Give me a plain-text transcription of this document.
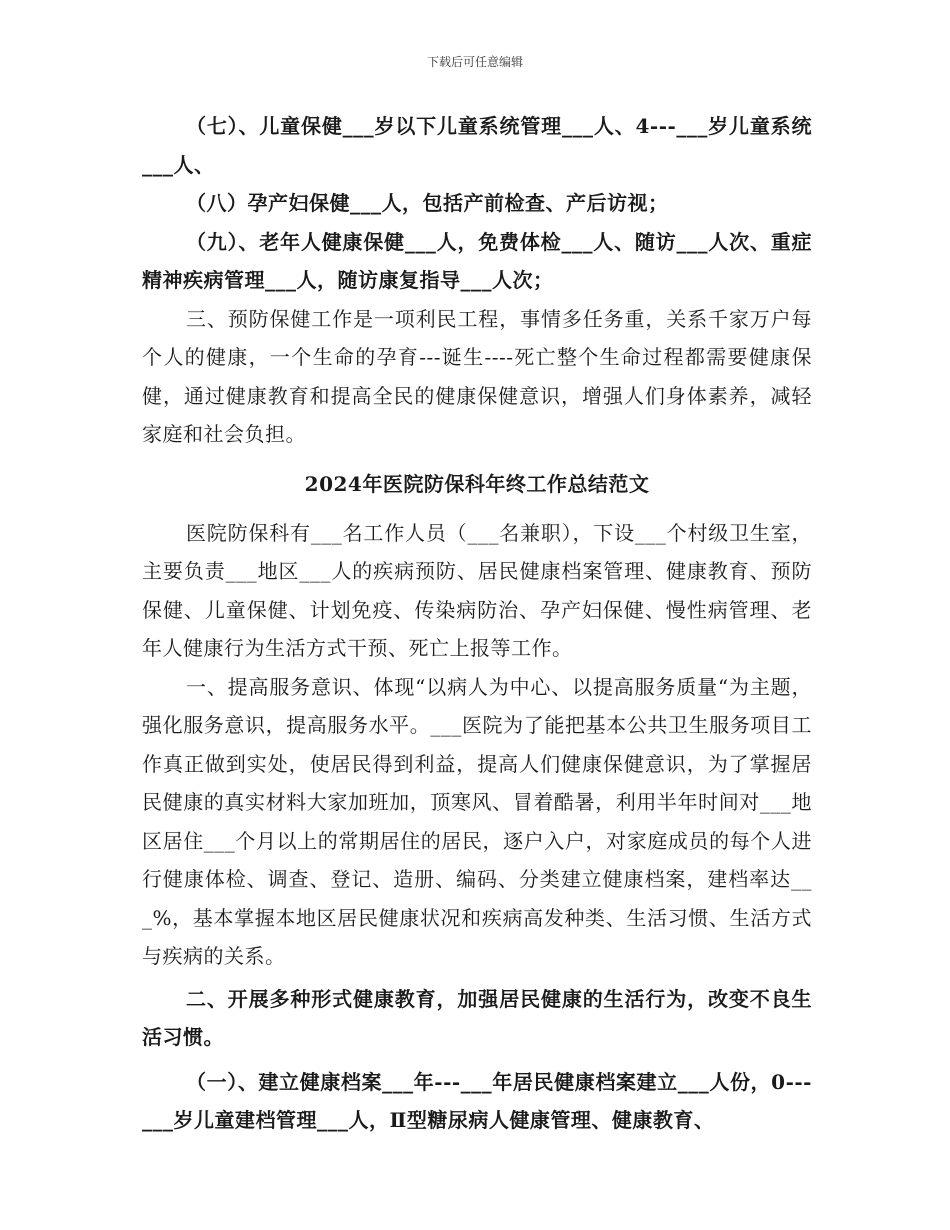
下载后可任意编辑

（七）、儿童保健___岁以下儿童系统管理___人、4---___岁儿童系统___人、

（八）孕产妇保健___人，包括产前检查、产后访视；

（九）、老年人健康保健___人，免费体检___人、随访___人次、重症精神疾病管理___人，随访康复指导___人次；

三、预防保健工作是一项利民工程，事情多任务重，关系千家万户每个人的健康，一个生命的孕育---诞生----死亡整个生命过程都需要健康保健，通过健康教育和提高全民的健康保健意识，增强人们身体素养，减轻家庭和社会负担。

2024年医院防保科年终工作总结范文

医院防保科有___名工作人员（___名兼职），下设___个村级卫生室，主要负责___地区___人的疾病预防、居民健康档案管理、健康教育、预防保健、儿童保健、计划免疫、传染病防治、孕产妇保健、慢性病管理、老年人健康行为生活方式干预、死亡上报等工作。

一、提高服务意识、体现“以病人为中心、以提高服务质量“为主题，强化服务意识，提高服务水平。___医院为了能把基本公共卫生服务项目工作真正做到实处，使居民得到利益，提高人们健康保健意识，为了掌握居民健康的真实材料大家加班加，顶寒风、冒着酷暑，利用半年时间对___地区居住___个月以上的常期居住的居民，逐户入户，对家庭成员的每个人进行健康体检、调查、登记、造册、编码、分类建立健康档案，建档率达___%，基本掌握本地区居民健康状况和疾病高发种类、生活习惯、生活方式与疾病的关系。

二、开展多种形式健康教育，加强居民健康的生活行为，改变不良生活习惯。

（一）、建立健康档案___年---___年居民健康档案建立___人份，0---___岁儿童建档管理___人，Ⅱ型糖尿病人健康管理、健康教育、
